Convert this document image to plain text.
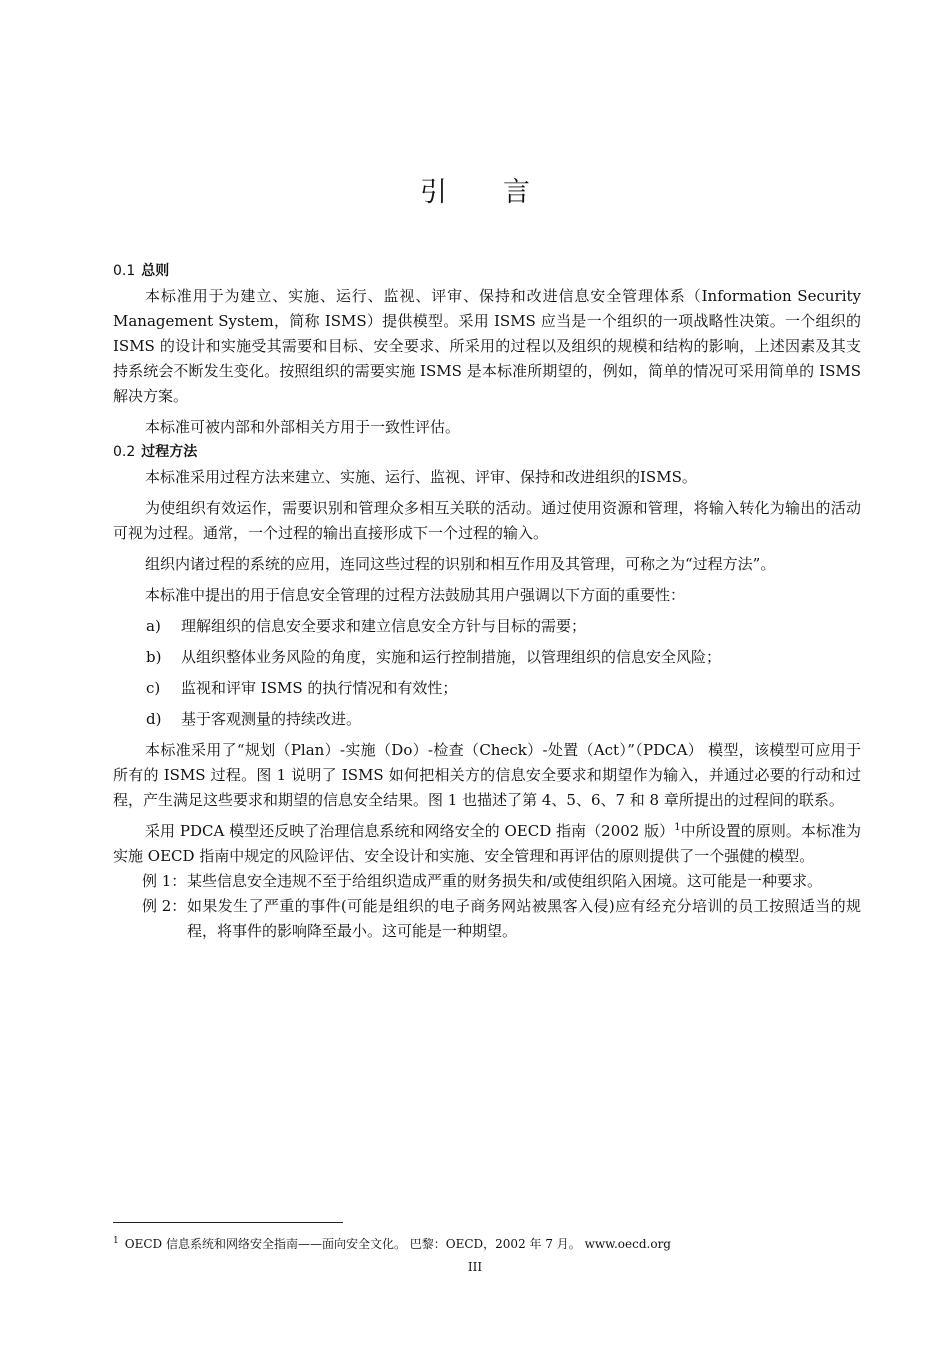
引言
0.1 总则

本标准用于为建立、实施、运行、监视、评审、保持和改进信息安全管理体系（Information Security Management System，简称 ISMS）提供模型。采用 ISMS 应当是一个组织的一项战略性决策。一个组织的 ISMS 的设计和实施受其需要和目标、安全要求、所采用的过程以及组织的规模和结构的影响，上述因素及其支持系统会不断发生变化。按照组织的需要实施 ISMS 是本标准所期望的，例如，简单的情况可采用简单的 ISMS 解决方案。

本标准可被内部和外部相关方用于一致性评估。

0.2 过程方法

本标准采用过程方法来建立、实施、运行、监视、评审、保持和改进组织的ISMS。

为使组织有效运作，需要识别和管理众多相互关联的活动。通过使用资源和管理，将输入转化为输出的活动可视为过程。通常，一个过程的输出直接形成下一个过程的输入。

组织内诸过程的系统的应用，连同这些过程的识别和相互作用及其管理，可称之为“过程方法”。

本标准中提出的用于信息安全管理的过程方法鼓励其用户强调以下方面的重要性：

a) 理解组织的信息安全要求和建立信息安全方针与目标的需要；
b) 从组织整体业务风险的角度，实施和运行控制措施，以管理组织的信息安全风险；
c) 监视和评审 ISMS 的执行情况和有效性；
d) 基于客观测量的持续改进。

本标准采用了“规划（Plan）-实施（Do）-检查（Check）-处置（Act）”（PDCA） 模型，该模型可应用于所有的 ISMS 过程。图 1 说明了 ISMS 如何把相关方的信息安全要求和期望作为输入，并通过必要的行动和过程，产生满足这些要求和期望的信息安全结果。图 1 也描述了第 4、5、6、7 和 8 章所提出的过程间的联系。

采用 PDCA 模型还反映了治理信息系统和网络安全的 OECD 指南（2002 版）$^1$中所设置的原则。本标准为实施 OECD 指南中规定的风险评估、安全设计和实施、安全管理和再评估的原则提供了一个强健的模型。

例 1： 某些信息安全违规不至于给组织造成严重的财务损失和/或使组织陷入困境。这可能是一种要求。
例 2： 如果发生了严重的事件(可能是组织的电子商务网站被黑客入侵)应有经充分培训的员工按照适当的规程，将事件的影响降至最小。这可能是一种期望。
$^1$ OECD 信息系统和网络安全指南——面向安全文化。 巴黎：OECD，2002 年 7 月。 www.oecd.org
III
